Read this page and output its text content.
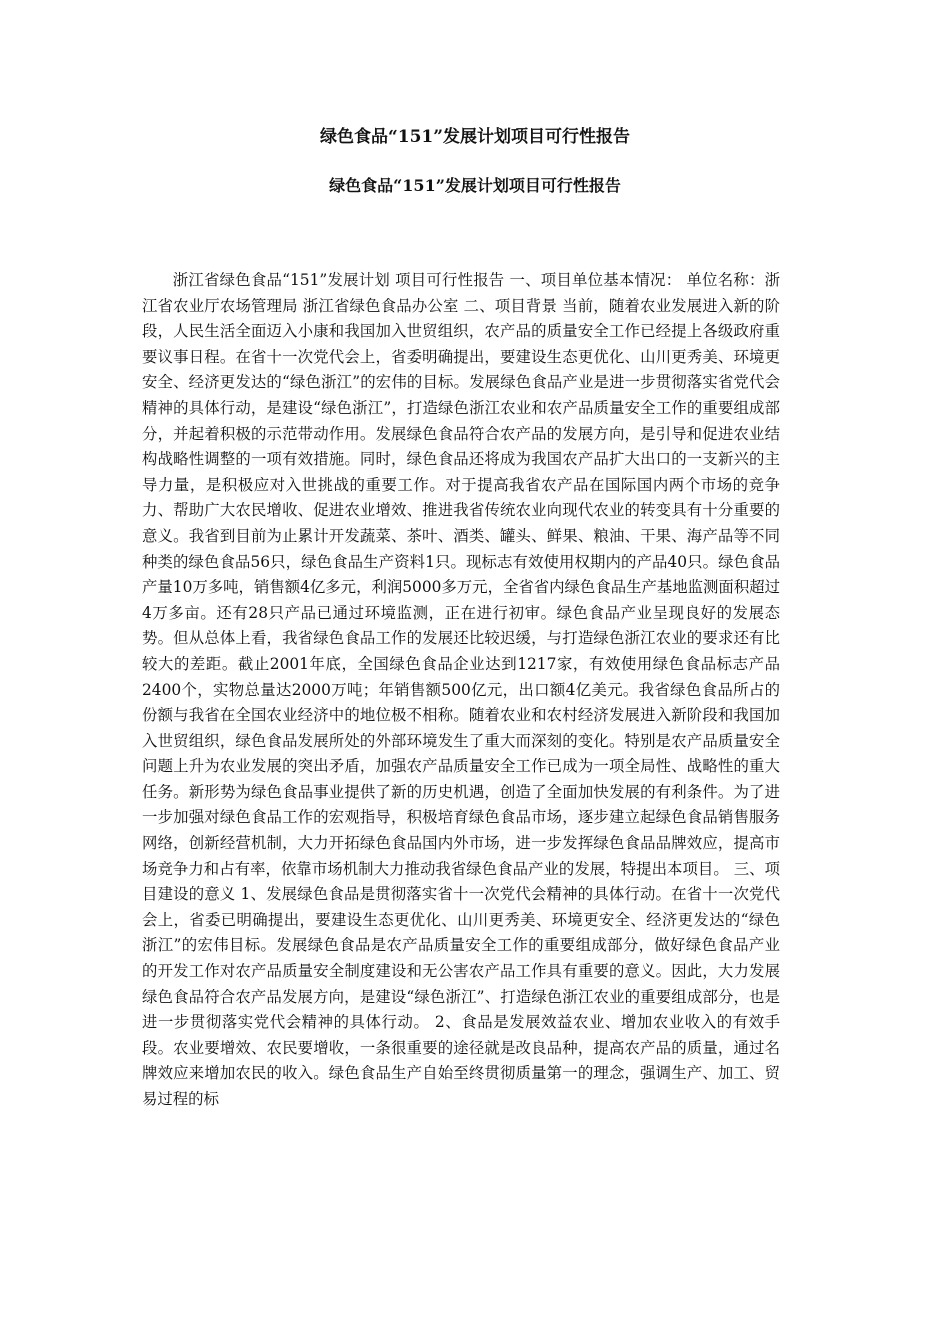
绿色食品“151”发展计划项目可行性报告
绿色食品“151”发展计划项目可行性报告

浙江省绿色食品“151”发展计划 项目可行性报告 一、项目单位基本情况： 单位名称：浙江省农业厅农场管理局 浙江省绿色食品办公室 二、项目背景 当前，随着农业发展进入新的阶段，人民生活全面迈入小康和我国加入世贸组织，农产品的质量安全工作已经提上各级政府重要议事日程。在省十一次党代会上，省委明确提出，要建设生态更优化、山川更秀美、环境更安全、经济更发达的“绿色浙江”的宏伟的目标。发展绿色食品产业是进一步贯彻落实省党代会精神的具体行动，是建设“绿色浙江”，打造绿色浙江农业和农产品质量安全工作的重要组成部分，并起着积极的示范带动作用。发展绿色食品符合农产品的发展方向，是引导和促进农业结构战略性调整的一项有效措施。同时，绿色食品还将成为我国农产品扩大出口的一支新兴的主导力量，是积极应对入世挑战的重要工作。对于提高我省农产品在国际国内两个市场的竞争力、帮助广大农民增收、促进农业增效、推进我省传统农业向现代农业的转变具有十分重要的意义。我省到目前为止累计开发蔬菜、茶叶、酒类、罐头、鲜果、粮油、干果、海产品等不同种类的绿色食品56只，绿色食品生产资料1只。现标志有效使用权期内的产品40只。绿色食品产量10万多吨，销售额4亿多元，利润5000多万元，全省省内绿色食品生产基地监测面积超过4万多亩。还有28只产品已通过环境监测，正在进行初审。绿色食品产业呈现良好的发展态势。但从总体上看，我省绿色食品工作的发展还比较迟缓，与打造绿色浙江农业的要求还有比较大的差距。截止2001年底，全国绿色食品企业达到1217家，有效使用绿色食品标志产品2400个，实物总量达2000万吨；年销售额500亿元，出口额4亿美元。我省绿色食品所占的份额与我省在全国农业经济中的地位极不相称。随着农业和农村经济发展进入新阶段和我国加入世贸组织，绿色食品发展所处的外部环境发生了重大而深刻的变化。特别是农产品质量安全问题上升为农业发展的突出矛盾，加强农产品质量安全工作已成为一项全局性、战略性的重大任务。新形势为绿色食品事业提供了新的历史机遇，创造了全面加快发展的有利条件。为了进一步加强对绿色食品工作的宏观指导，积极培育绿色食品市场，逐步建立起绿色食品销售服务网络，创新经营机制，大力开拓绿色食品国内外市场，进一步发挥绿色食品品牌效应，提高市场竞争力和占有率，依靠市场机制大力推动我省绿色食品产业的发展，特提出本项目。 三、项目建设的意义 1、发展绿色食品是贯彻落实省十一次党代会精神的具体行动。在省十一次党代会上，省委已明确提出，要建设生态更优化、山川更秀美、环境更安全、经济更发达的“绿色浙江”的宏伟目标。发展绿色食品是农产品质量安全工作的重要组成部分，做好绿色食品产业的开发工作对农产品质量安全制度建设和无公害农产品工作具有重要的意义。因此，大力发展绿色食品符合农产品发展方向，是建设“绿色浙江”、打造绿色浙江农业的重要组成部分，也是进一步贯彻落实党代会精神的具体行动。 2、食品是发展效益农业、增加农业收入的有效手段。农业要增效、农民要增收，一条很重要的途径就是改良品种，提高农产品的质量，通过名牌效应来增加农民的收入。绿色食品生产自始至终贯彻质量第一的理念，强调生产、加工、贸易过程的标
